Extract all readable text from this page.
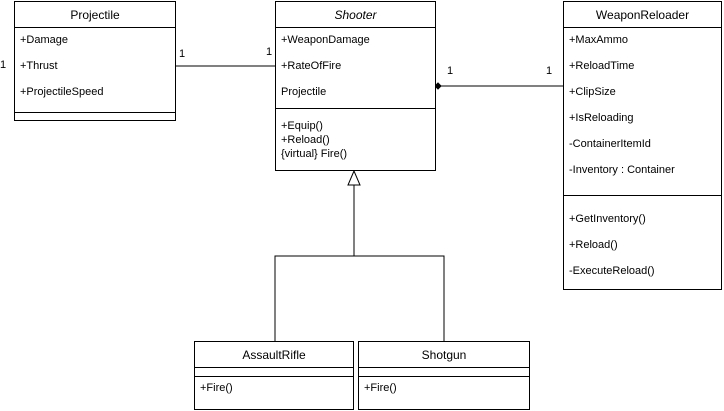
Projectile
+Damage
+Thrust
+ProjectileSpeed
Shooter
+WeaponDamage
+RateOfFire
Projectile
+Equip()
+Reload()
{virtual} Fire()
WeaponReloader
+MaxAmmo
+ReloadTime
+ClipSize
+IsReloading
-ContainerItemId
-Inventory : Container
+GetInventory()
+Reload()
-ExecuteReload()
AssaultRifle
+Fire()
Shotgun
+Fire()
1
1	1
1	1
